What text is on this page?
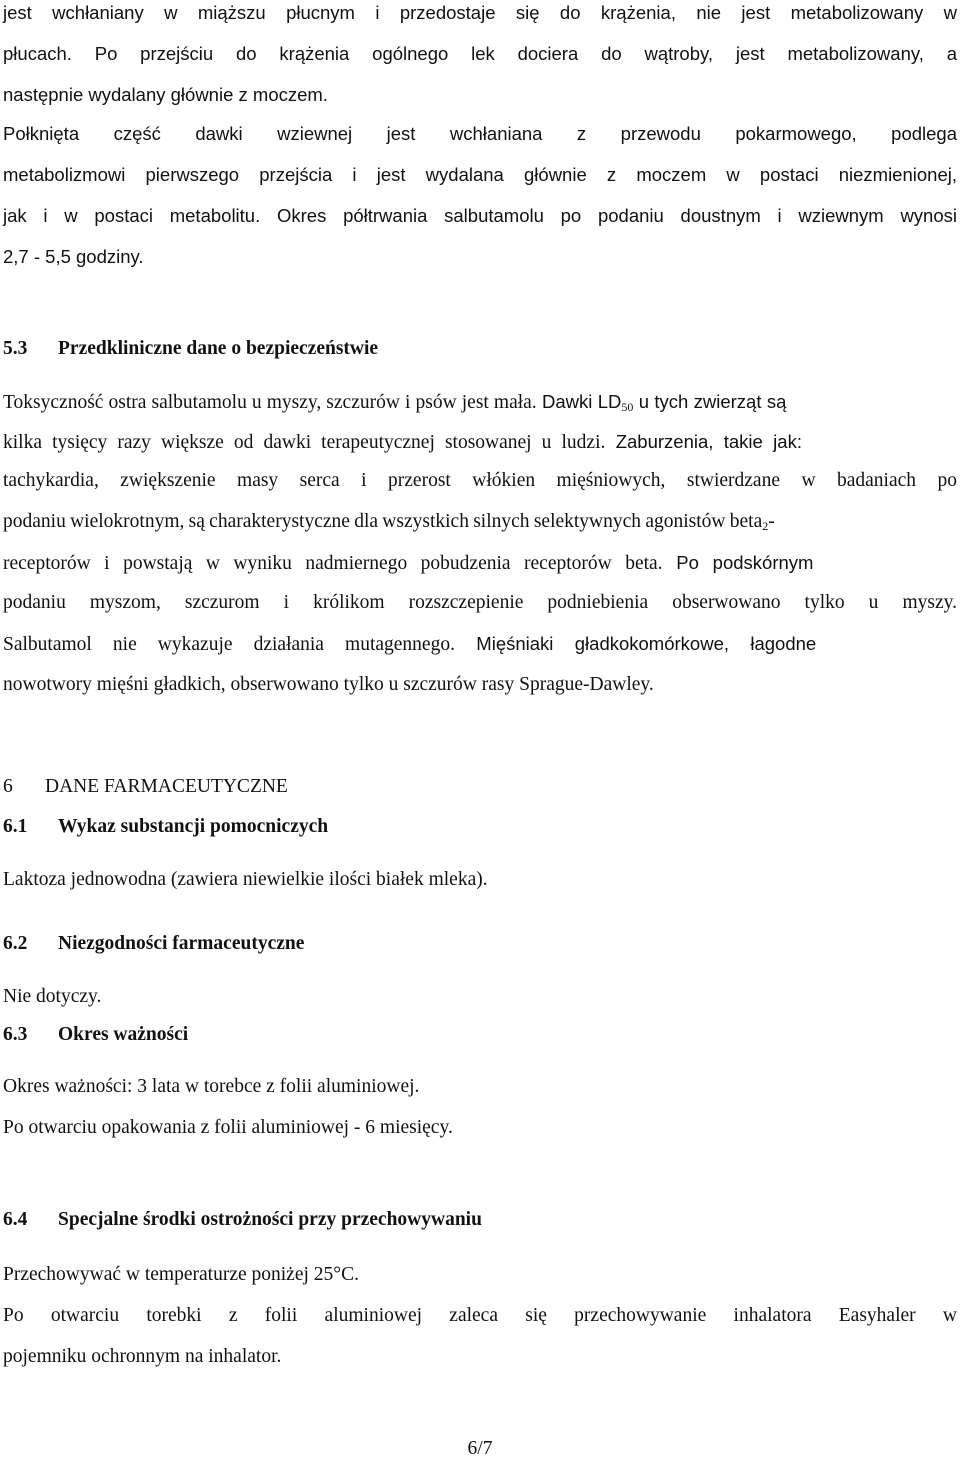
jest wchłaniany w miąższu płucnym i przedostaje się do krążenia, nie jest metabolizowany w
płucach. Po przejściu do krążenia ogólnego lek dociera do wątroby, jest metabolizowany, a
następnie wydalany głównie z moczem.
Połknięta część dawki wziewnej jest wchłaniana z przewodu pokarmowego, podlega
metabolizmowi pierwszego przejścia i jest wydalana głównie z moczem w postaci niezmienionej,
jak i w postaci metabolitu. Okres półtrwania salbutamolu po podaniu doustnym i wziewnym wynosi
2,7 - 5,5 godziny.
5.3 Przedkliniczne dane o bezpieczeństwie
Toksyczność ostra salbutamolu u myszy, szczurów i psów jest mała. Dawki $LD_{50}$ u tych zwierząt są
kilka tysięcy razy większe od dawki terapeutycznej stosowanej u ludzi. Zaburzenia, takie jak:
tachykardia, zwiększenie masy serca i przerost włókien mięśniowych, stwierdzane w badaniach po
podaniu wielokrotnym, są charakterystyczne dla wszystkich silnych selektywnych agonistów beta$_2$-
receptorów i powstają w wyniku nadmiernego pobudzenia receptorów beta. Po podskórnym
podaniu myszom, szczurom i królikom rozszczepienie podniebienia obserwowano tylko u myszy.
Salbutamol nie wykazuje działania mutagennego. Mięśniaki gładkokomórkowe, łagodne
nowotwory mięśni gładkich, obserwowano tylko u szczurów rasy Sprague-Dawley.
6 DANE FARMACEUTYCZNE
6.1 Wykaz substancji pomocniczych
Laktoza jednowodna (zawiera niewielkie ilości białek mleka).
6.2 Niezgodności farmaceutyczne
Nie dotyczy.
6.3 Okres ważności
Okres ważności: 3 lata w torebce z folii aluminiowej.
Po otwarciu opakowania z folii aluminiowej - 6 miesięcy.
6.4 Specjalne środki ostrożności przy przechowywaniu
Przechowywać w temperaturze poniżej 25°C.
Po otwarciu torebki z folii aluminiowej zaleca się przechowywanie inhalatora Easyhaler w
pojemniku ochronnym na inhalator.
6/7
